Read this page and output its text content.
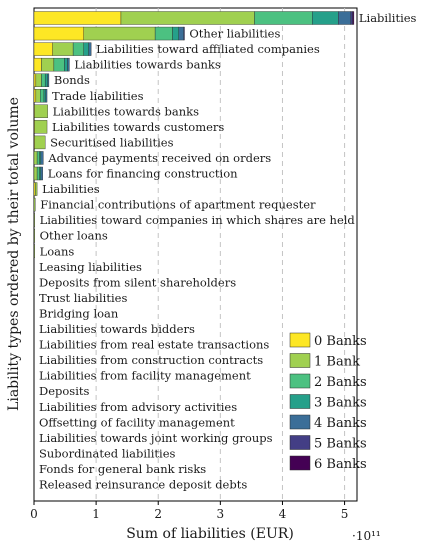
Liabilities
Other liabilities
Liabilities toward affiliated companies
Liabilities towards banks
Bonds
Trade liabilities
Liabilities towards banks
Liabilities towards customers
Securitised liabilities
Advance payments received on orders
Loans for financing construction
Liabilities
Financial contributions of apartment requester
Liabilities toward companies in which shares are held
Other loans
Loans
Leasing liabilities
Deposits from silent shareholders
Trust liabilities
Bridging loan
Liabilities towards bidders
Liabilities from real estate transactions
Liabilities from construction contracts
Liabilities from facility management
Deposits
Liabilities from advisory activities
Offsetting of facility management
Liabilities towards joint working groups
Subordinated liabilities
Fonds for general bank risks
Released reinsurance deposit debts
0	1	2	3	4	5
0 Banks
1 Bank
2 Banks
3 Banks
4 Banks
5 Banks
6 Banks
Sum of liabilities (EUR)
Liability types ordered by their total volume
·10¹¹
